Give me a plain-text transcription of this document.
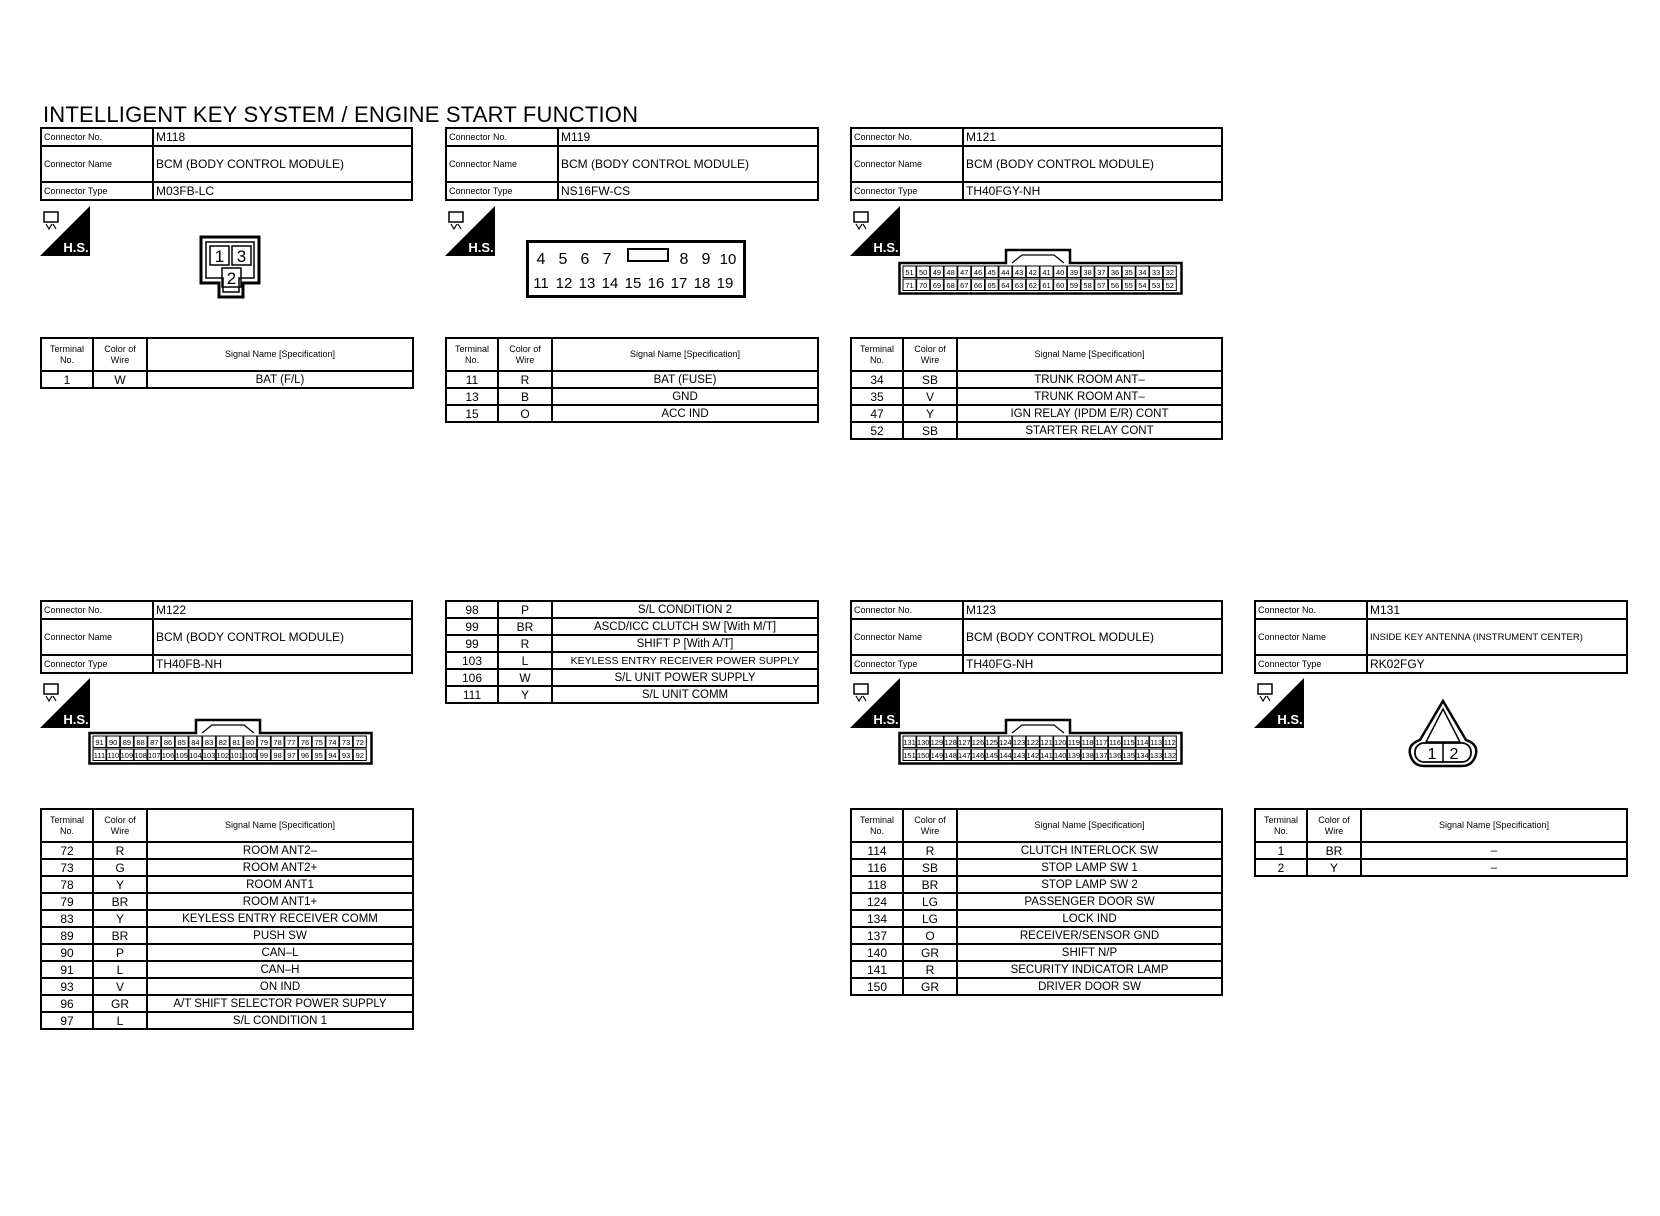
INTELLIGENT KEY SYSTEM / ENGINE START FUNCTION
Connector No.	M118
Connector Name	BCM (BODY CONTROL MODULE)
Connector Type	M03FB-LC
H.S.	1 3
2
Terminal No.	Color of Wire	Signal Name [Specification]
1	W	BAT (F/L)
Connector No.	M119
Connector Name	BCM (BODY CONTROL MODULE)
Connector Type	NS16FW-CS
H.S.
4 5 6 7	8 9 10
11 12 13 14 15 16 17 18 19
Terminal No.	Color of Wire	Signal Name [Specification]
11	R	BAT (FUSE)
13	B	GND
15	O	ACC IND
Connector No.	M121
Connector Name	BCM (BODY CONTROL MODULE)
Connector Type	TH40FGY-NH
H.S.
51 50 49 48 47 46 45 44 43 42 41 40 39 38 37 36 35 34 33 32
71 70 69 68 67 66 65 64 63 62 61 60 59 58 57 56 55 54 53 52
Terminal No.	Color of Wire	Signal Name [Specification]
34	SB	TRUNK ROOM ANT–
35	V	TRUNK ROOM ANT–
47	Y	IGN RELAY (IPDM E/R) CONT
52	SB	STARTER RELAY CONT
Connector No.	M122
Connector Name	BCM (BODY CONTROL MODULE)
Connector Type	TH40FB-NH
H.S.
91 90 89 88 87 86 85 84 83 82 81 80 79 78 77 76 75 74 73 72
111 110 109 108 107 106 105 104 103 102 101 100 99 98 97 96 95 94 93 92
Terminal No.	Color of Wire	Signal Name [Specification]
72	R	ROOM ANT2–
73	G	ROOM ANT2+
78	Y	ROOM ANT1
79	BR	ROOM ANT1+
83	Y	KEYLESS ENTRY RECEIVER COMM
89	BR	PUSH SW
90	P	CAN–L
91	L	CAN–H
93	V	ON IND
96	GR	A/T SHIFT SELECTOR POWER SUPPLY
97	L	S/L CONDITION 1
98	P	S/L CONDITION 2
99	BR	ASCD/ICC CLUTCH SW [With M/T]
99	R	SHIFT P [With A/T]
103	L	KEYLESS ENTRY RECEIVER POWER SUPPLY
106	W	S/L UNIT POWER SUPPLY
111	Y	S/L UNIT COMM
Connector No.	M123
Connector Name	BCM (BODY CONTROL MODULE)
Connector Type	TH40FG-NH
H.S.
131 130 129 128 127 126 125 124 123 122 121 120 119 118 117 116 115 114 113 112
151 150 149 148 147 146 145 144 143 142 141 140 139 138 137 136 135 134 133 132
Terminal No.	Color of Wire	Signal Name [Specification]
114	R	CLUTCH INTERLOCK SW
116	SB	STOP LAMP SW 1
118	BR	STOP LAMP SW 2
124	LG	PASSENGER DOOR SW
134	LG	LOCK IND
137	O	RECEIVER/SENSOR GND
140	GR	SHIFT N/P
141	R	SECURITY INDICATOR LAMP
150	GR	DRIVER DOOR SW
Connector No.	M131
Connector Name	INSIDE KEY ANTENNA (INSTRUMENT CENTER)
Connector Type	RK02FGY
H.S.
1 2
Terminal No.	Color of Wire	Signal Name [Specification]
1	BR	–
2	Y	–
